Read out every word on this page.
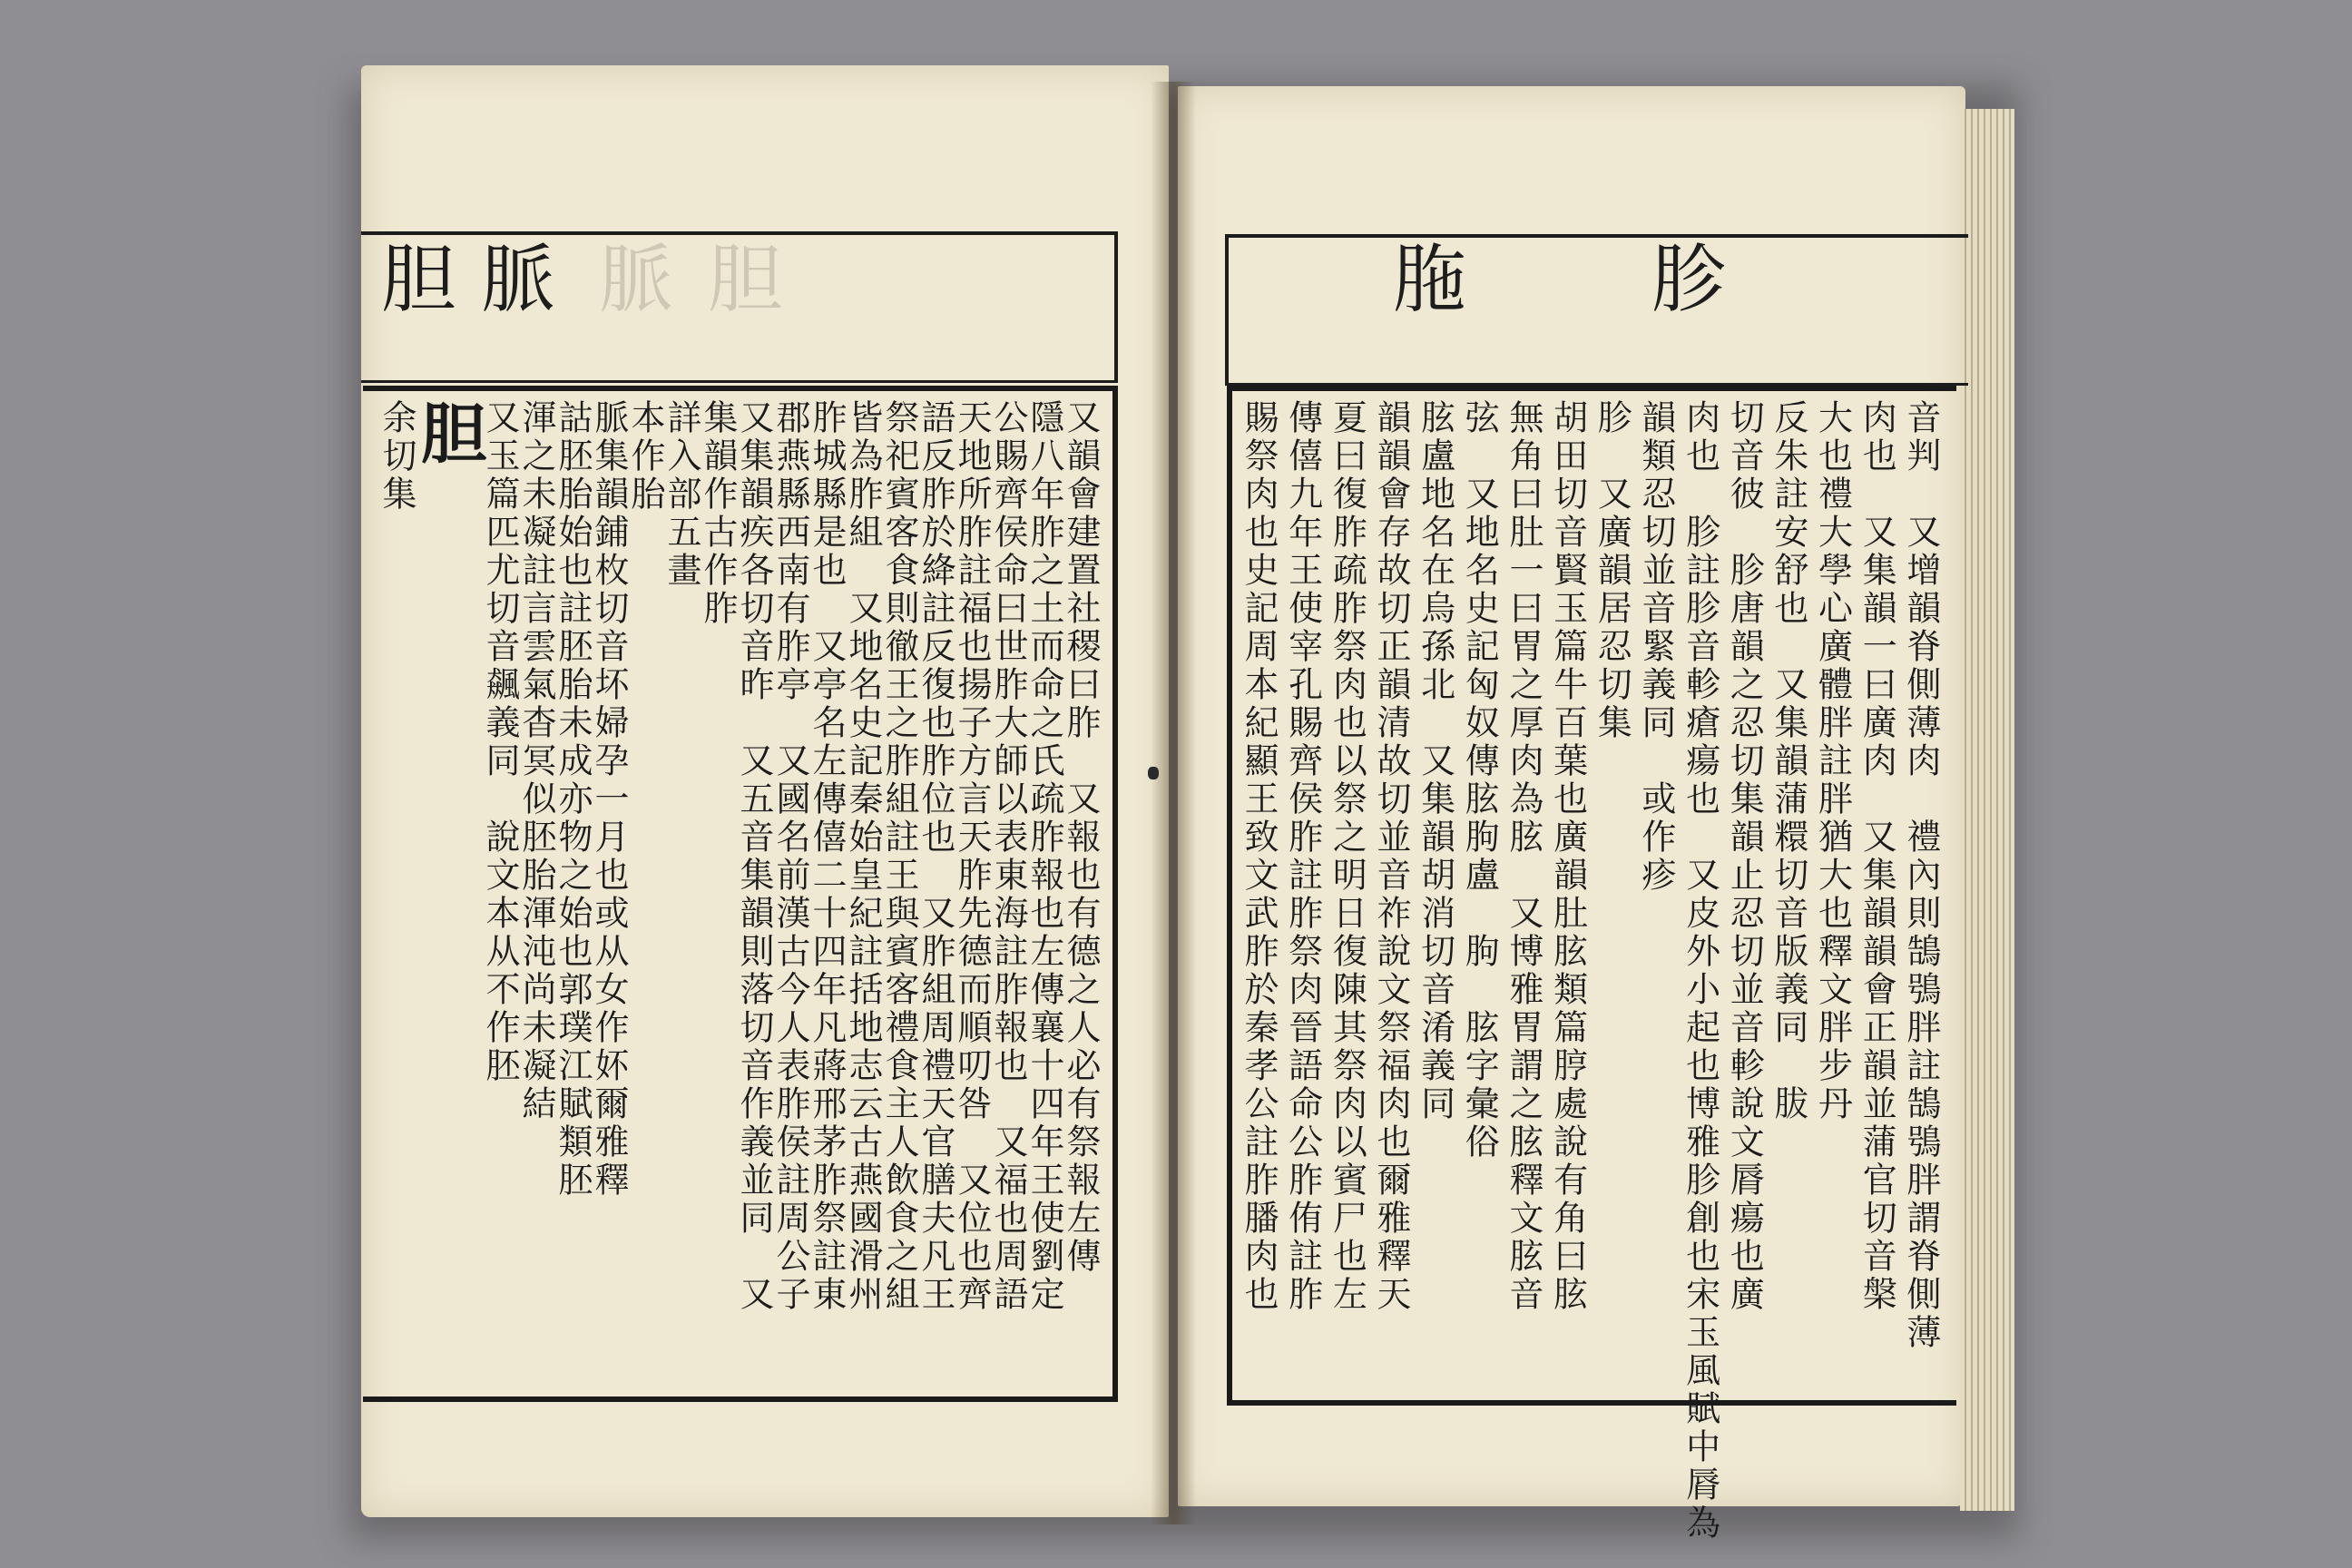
胆 脈 脈 胆	胣 胗
又韻會建置社稷曰胙　又報也有德之人必有祭報左傳
隱八年胙之土而命之氏疏胙報也左傳襄十四年王使劉定
公賜齊侯命曰世胙大師以表東海註胙報也　又福也周語
天地所胙註福也揚子方言天胙先德而順叨咎　又位也齊
語反胙於絳註反復也胙位也　又胙組周禮天官膳夫凡王
祭祀賓客食則徹王之胙組註王與賓客禮食主人飲食之組
皆為胙組　又地名史記秦始皇紀註括地志云古燕國滑州
胙城縣是也　又亭名左傳僖二十四年凡蔣邢茅胙祭註東
郡燕縣西南有胙亭　又國名前漢古今人表胙侯註周公子
又集韻疾各切音昨　又五音集韻則落切音作義並同　又
集韻作古作胙
詳入部五畫
本作胎
脈集韻鋪枚切音坏婦孕一月也或从女作妚爾雅釋
詁胚胎始也註胚胎未成亦物之始也郭璞江賦類胚
渾之未凝註言雲氣杳冥似胚胎渾沌尚未凝結
又玉篇匹尤切音飆義同　說文本从不作胚
胆
余切集	音判　又增韻脊側薄肉　禮內則鵠鴞胖註鵠鴞胖謂脊側薄
肉也　又集韻一曰廣肉　又集韻韻會正韻並蒲官切音槃
大也禮大學心廣體胖註胖猶大也釋文胖步丹
反朱註安舒也　又集韻蒲糫切音版義同　胈
切音彼　胗唐韻之忍切集韻止忍切並音軫說文脣瘍也廣
肉也　胗註胗音軫瘡瘍也　又皮外小起也博雅胗創也宋玉風賦中脣為
韻類忍切並音緊義同　或作疹
胗　又廣韻居忍切集
胡田切音賢玉篇牛百葉也廣韻肚胘類篇脝處說有角曰胘
無角曰肚一曰胃之厚肉為胘　又博雅胃謂之胘釋文胘音
弦　又地名史記匈奴傳胘朐盧　朐　胘字彙俗
胘盧地名在烏孫北　又集韻胡消切音淆義同
韻韻會存故切正韻清故切並音祚說文祭福肉也爾雅釋天
夏曰復胙疏胙祭肉也以祭之明日復陳其祭肉以賓尸也左
傳僖九年王使宰孔賜齊侯胙註胙祭肉晉語命公胙侑註胙
賜祭肉也史記周本紀顯王致文武胙於秦孝公註胙膰肉也
